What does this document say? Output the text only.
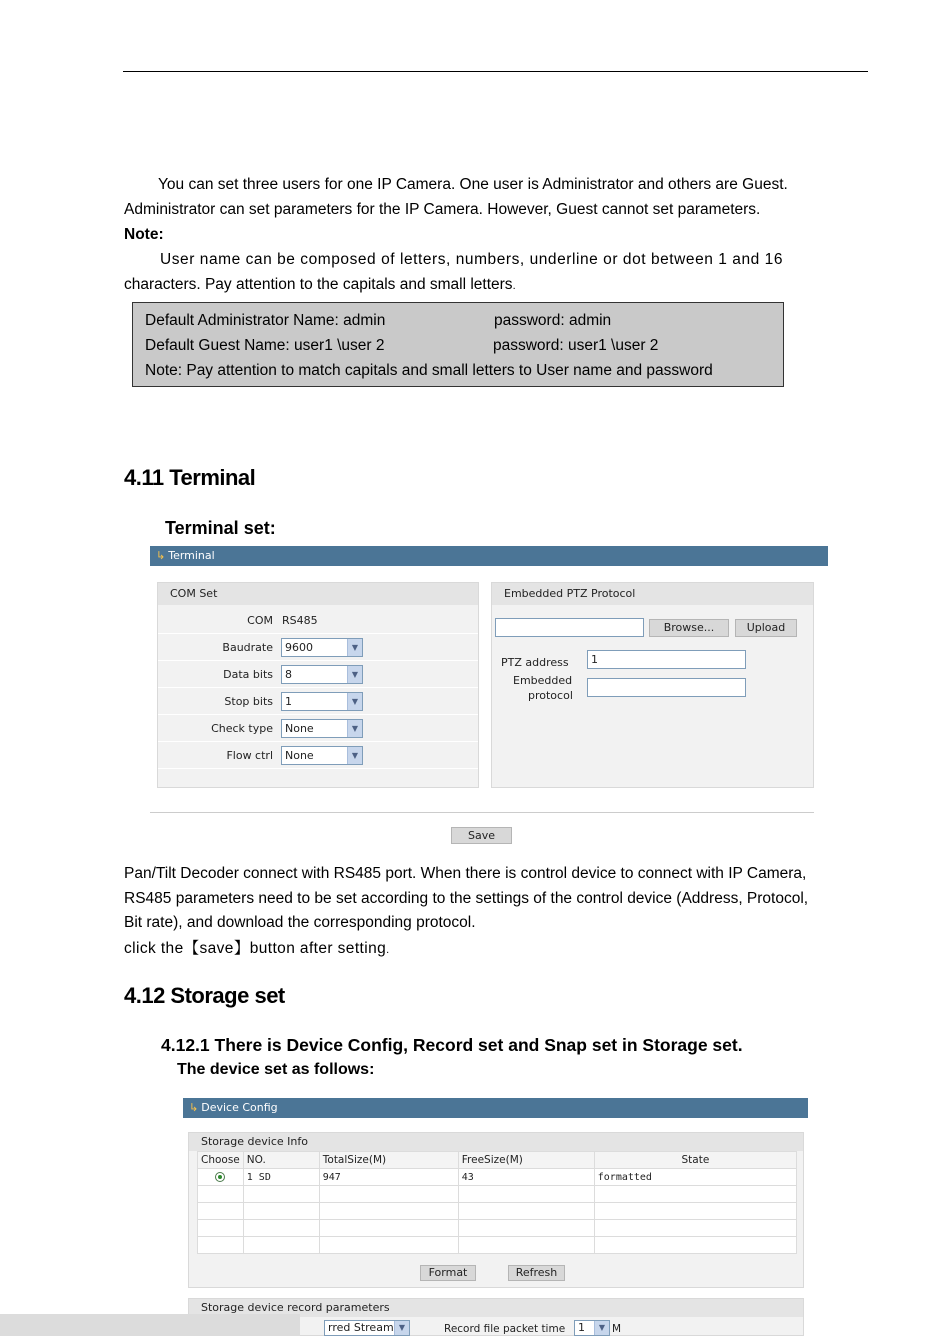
You can set three users for one IP Camera. One user is Administrator and others are Guest.
Administrator can set parameters for the IP Camera. However, Guest cannot set parameters.
Note:
User name can be composed of letters, numbers, underline or dot between 1 and 16
characters. Pay attention to the capitals and small letters.
Default Administrator Name: admin	password: admin
Default Guest Name: user1 \user 2	password: user1 \user 2
Note: Pay attention to match capitals and small letters to User name and password
4.11 Terminal
Terminal set:
↳ Terminal
COM Set
COM RS485
Baudrate	9600	▼
Data bits	8	▼
Stop bits	1	▼
Check type	None	▼
Flow ctrl	None	▼
Embedded PTZ Protocol
Browse...	Upload
PTZ address	1
Embedded
protocol
Save
Pan/Tilt Decoder connect with RS485 port. When there is control device to connect with IP Camera,
RS485 parameters need to be set according to the settings of the control device (Address, Protocol,
Bit rate), and download the corresponding protocol.
click the【save】button after setting.
4.12 Storage set
4.12.1 There is Device Config, Record set and Snap set in Storage set.
The device set as follows:
↳ Device Config
Storage device Info
Choose	NO.	TotalSize(M)	FreeSize(M)	State
	1 SD	947	43	formatted

Format	Refresh
Storage device record parameters
rred Stream ▼	Record file packet time	1	▼ M
